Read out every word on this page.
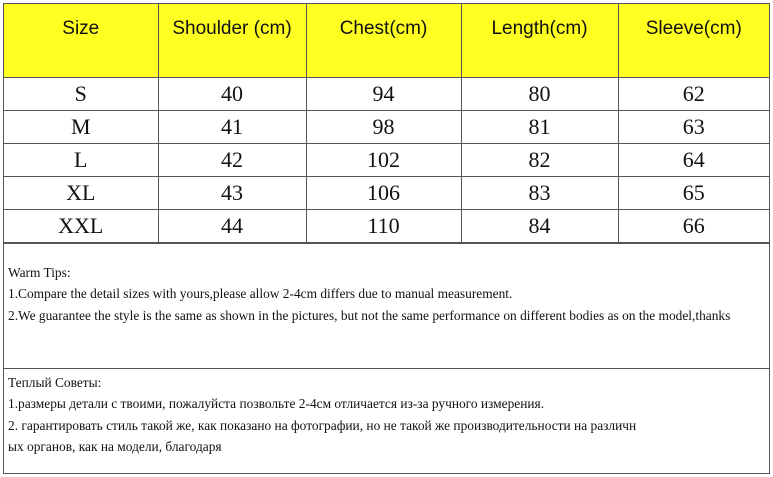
Size	Shoulder (cm)	Chest(cm)	Length(cm)	Sleeve(cm)
S	40	94	80	62
M	41	98	81	63
L	42	102	82	64
XL	43	106	83	65
XXL	44	110	84	66
Warm Tips:
1.Compare the detail sizes with yours,please allow 2-4cm differs due to manual measurement.
2.We guarantee the style is the same as shown in the pictures, but not the same performance on different bodies as on the model,thanks
Теплый Советы:
1.размеры детали с твоими, пожалуйста позвольте 2-4см отличается из-за ручного измерения.
2. гарантировать стиль такой же, как показано на фотографии, но не такой же производительности на различн
ых органов, как на модели, благодаря
